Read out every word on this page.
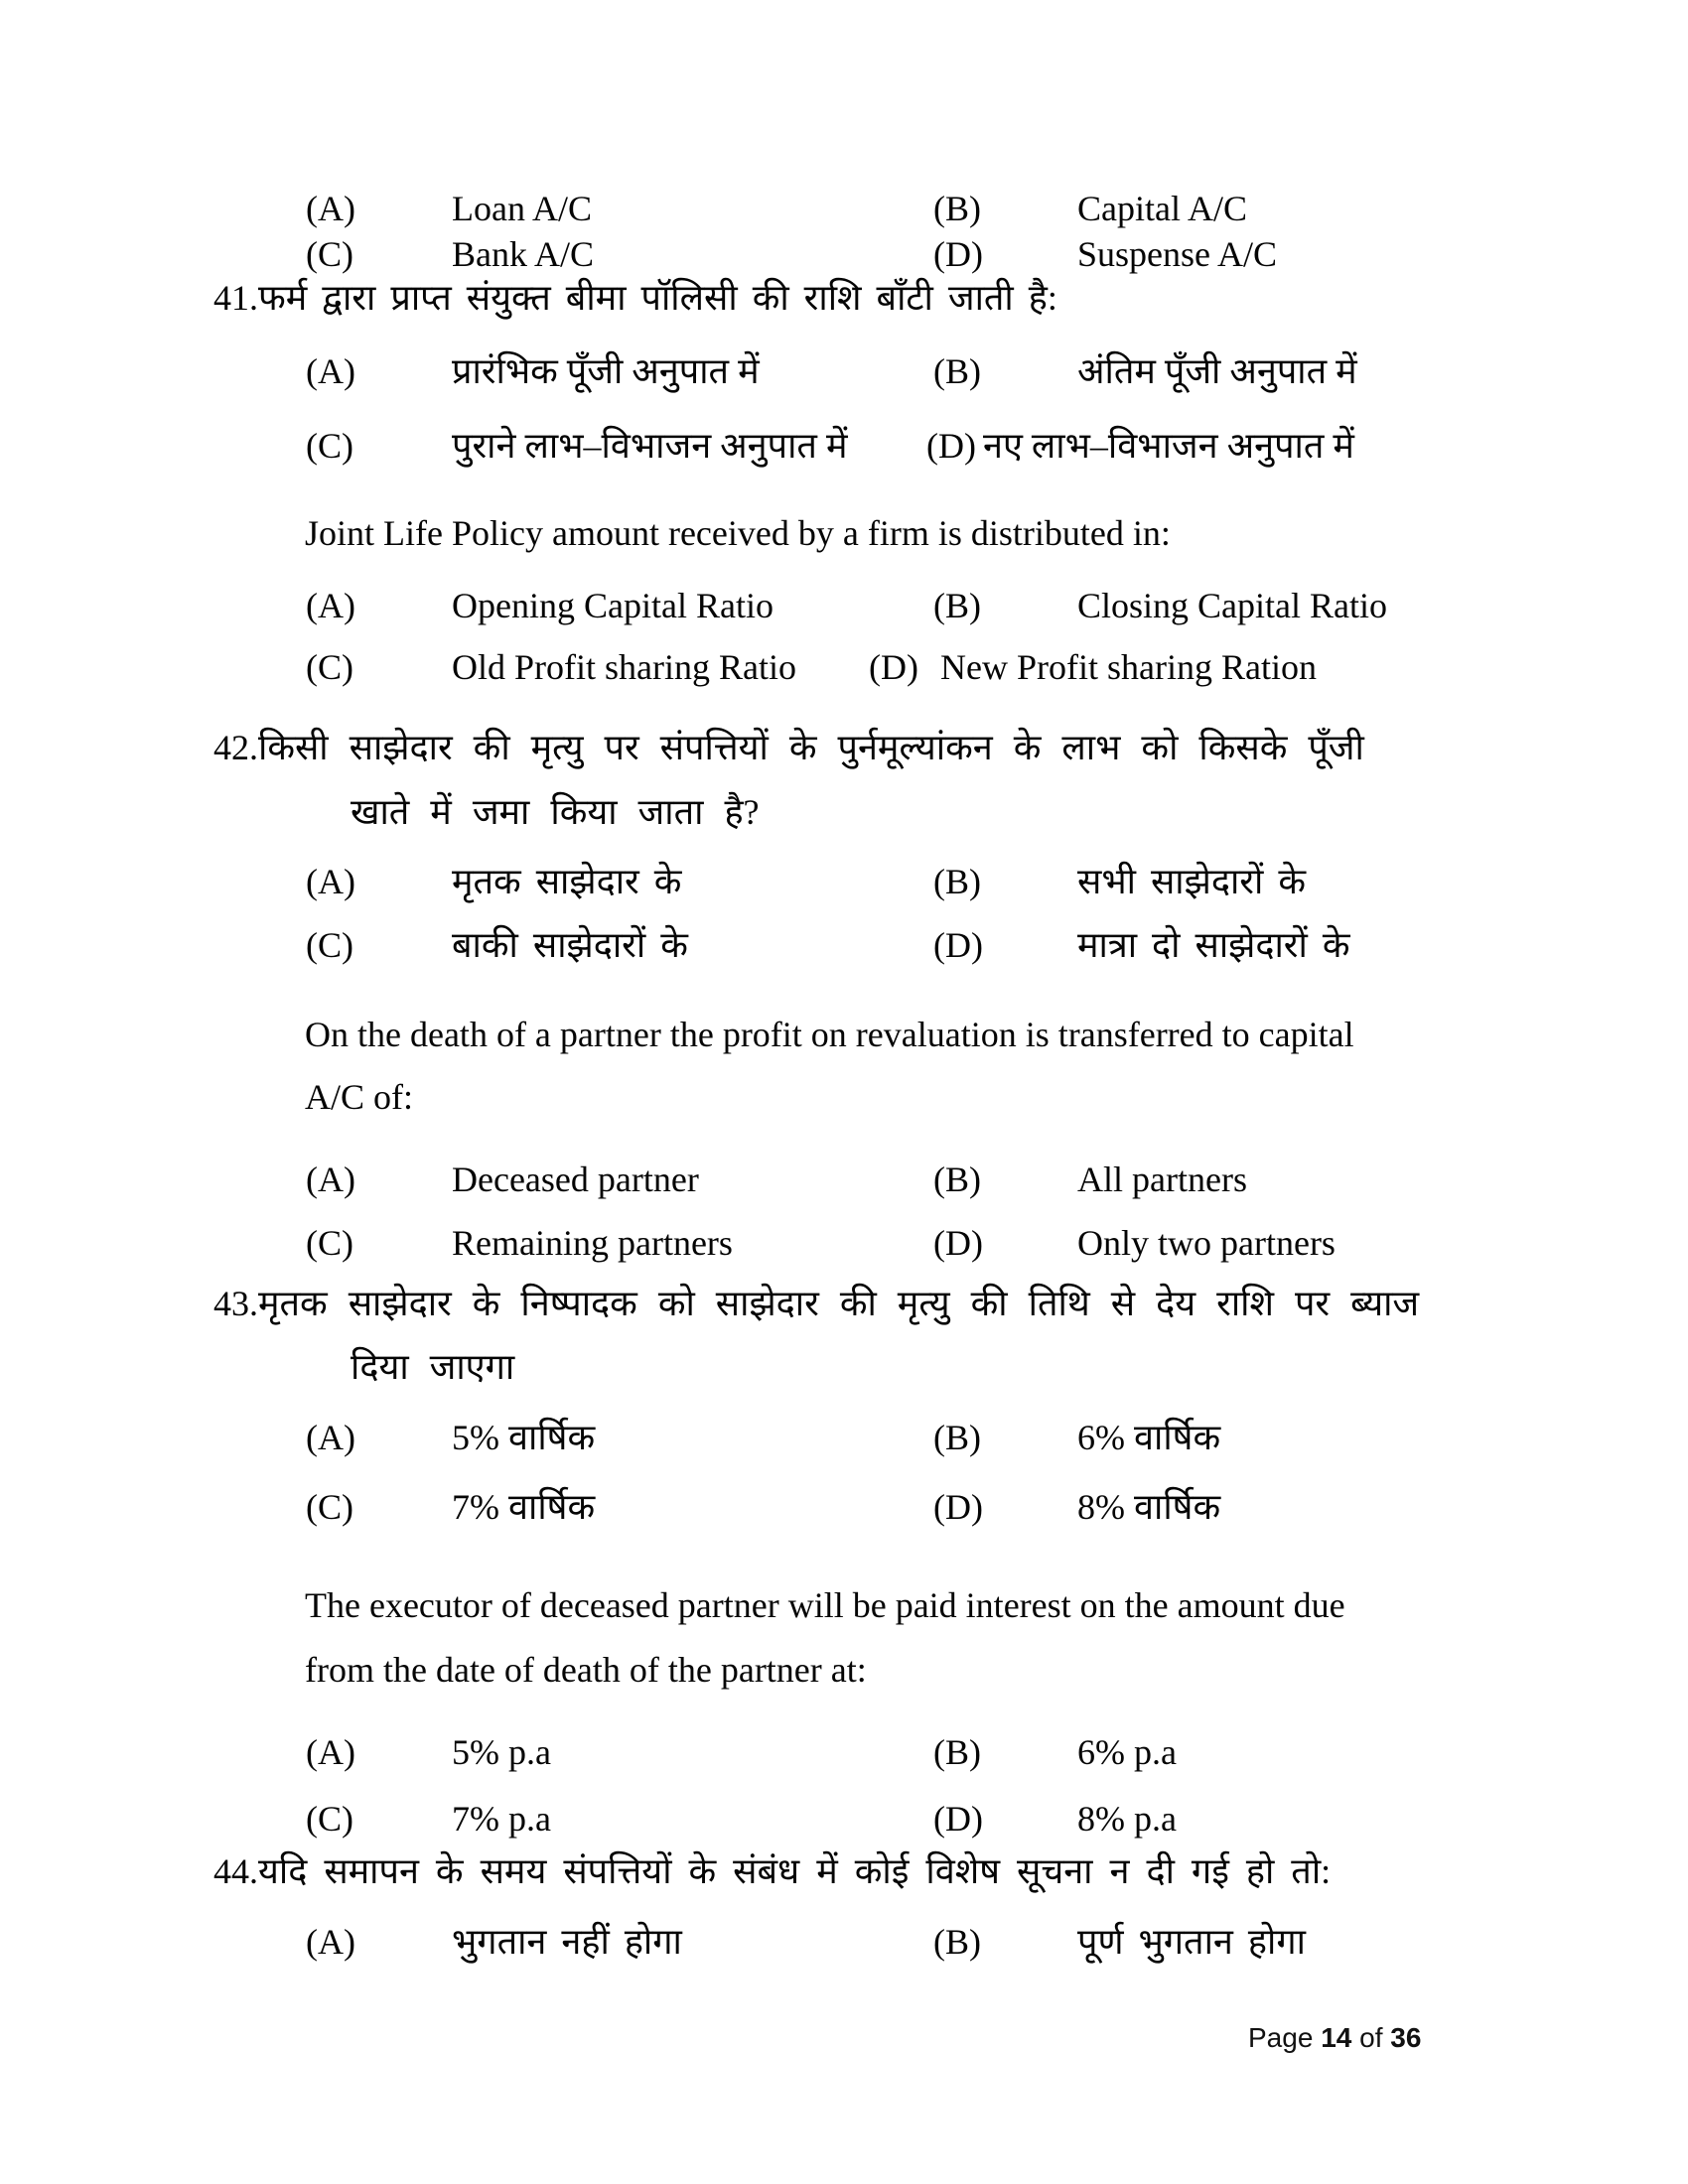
(A)	Loan A/C	(B)	Capital A/C
(C)	Bank A/C	(D)	Suspense A/C
41.फर्म द्वारा प्राप्त संयुक्त बीमा पॉलिसी की राशि बाँटी जाती है:
(A)	प्रारंभिक पूँजी अनुपात में	(B)	अंतिम पूँजी अनुपात में
(C)	पुराने लाभ–विभाजन अनुपात में (D) नए लाभ–विभाजन अनुपात में
Joint Life Policy amount received by a firm is distributed in:
(A)	Opening Capital Ratio	(B)	Closing Capital Ratio
(C)	Old Profit sharing Ratio (D) New Profit sharing Ration
42.किसी साझेदार की मृत्यु पर संपत्तियों के पुर्नमूल्यांकन के लाभ को किसके पूँजी
खाते में जमा किया जाता है?
(A)	मृतक साझेदार के	(B)	सभी साझेदारों के
(C)	बाकी साझेदारों के	(D)	मात्रा दो साझेदारों के
On the death of a partner the profit on revaluation is transferred to capital
A/C of:
(A)	Deceased partner	(B)	All partners
(C)	Remaining partners	(D)	Only two partners
43.मृतक साझेदार के निष्पादक को साझेदार की मृत्यु की तिथि से देय राशि पर ब्याज
दिया जाएगा
(A)	5% वार्षिक	(B)	6% वार्षिक
(C)	7% वार्षिक	(D)	8% वार्षिक
The executor of deceased partner will be paid interest on the amount due
from the date of death of the partner at:
(A)	5% p.a	(B)	6% p.a
(C)	7% p.a	(D)	8% p.a
44.यदि समापन के समय संपत्तियों के संबंध में कोई विशेष सूचना न दी गई हो तो:
(A)	भुगतान नहीं होगा	(B)	पूर्ण भुगतान होगा
Page 14 of 36
